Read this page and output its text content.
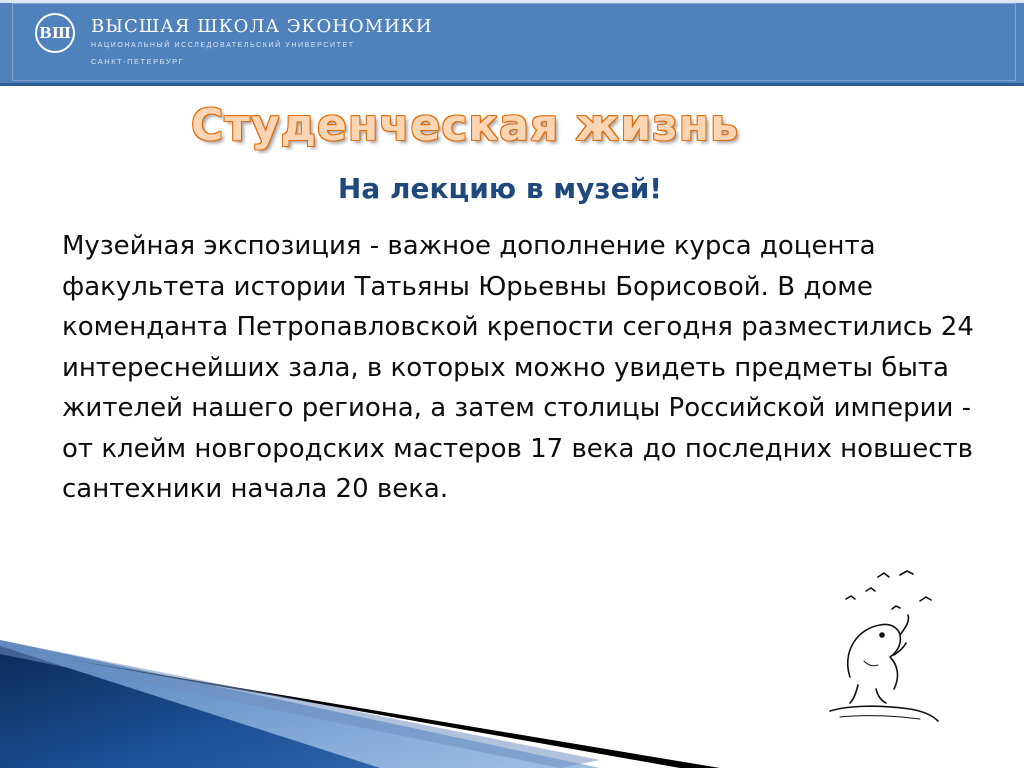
ВШ ВЫСШАЯ ШКОЛА ЭКОНОМИКИ
НАЦИОНАЛЬНЫЙ ИССЛЕДОВАТЕЛЬСКИЙ УНИВЕРСИТЕТ
САНКТ-ПЕТЕРБУРГ
Студенческая жизнь
На лекцию в музей!

Музейная экспозиция - важное дополнение курса доцента факультета истории Татьяны Юрьевны Борисовой. В доме коменданта Петропавловской крепости сегодня разместились 24 интереснейших зала, в которых можно увидеть предметы быта жителей нашего региона, а затем столицы Российской империи - от клейм новгородских мастеров 17 века до последних новшеств сантехники начала 20 века.
